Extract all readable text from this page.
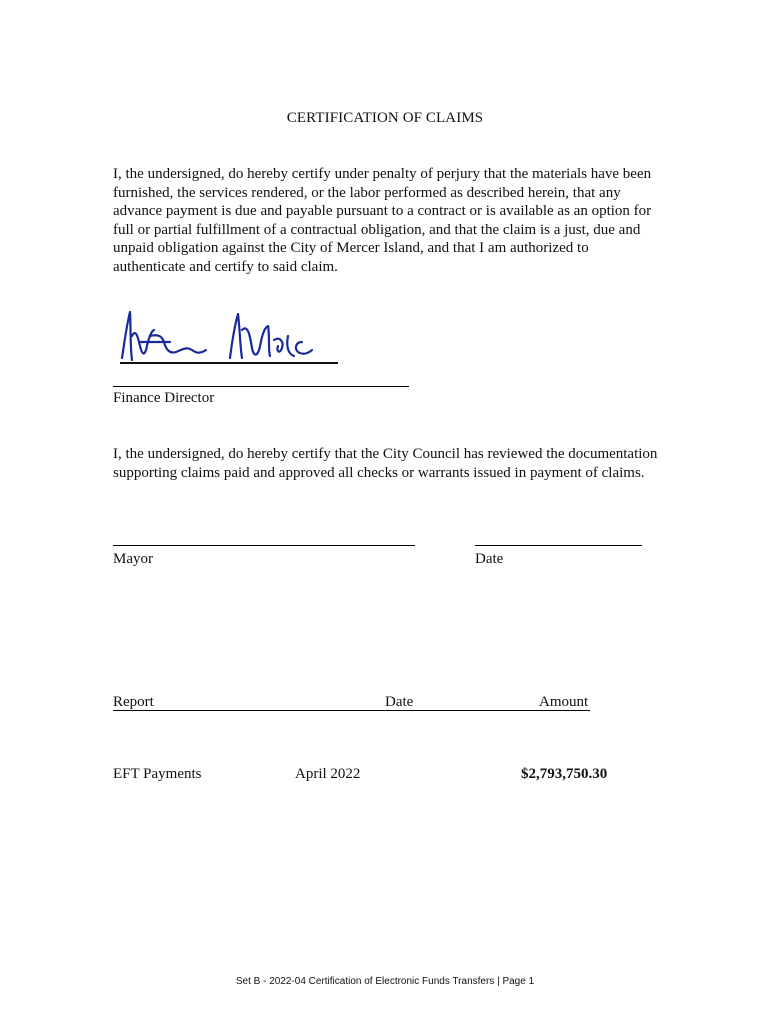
CERTIFICATION OF CLAIMS

I, the undersigned, do hereby certify under penalty of perjury that the materials have been furnished, the services rendered, or the labor performed as described herein, that any advance payment is due and payable pursuant to a contract or is available as an option for full or partial fulfillment of a contractual obligation, and that the claim is a just, due and unpaid obligation against the City of Mercer Island, and that I am authorized to authenticate and certify to said claim.

Finance Director

I, the undersigned, do hereby certify that the City Council has reviewed the documentation supporting claims paid and approved all checks or warrants issued in payment of claims.

Mayor	Date
Report	Date	Amount
EFT Payments	April 2022	$2,793,750.30
Set B - 2022-04 Certification of Electronic Funds Transfers | Page 1
